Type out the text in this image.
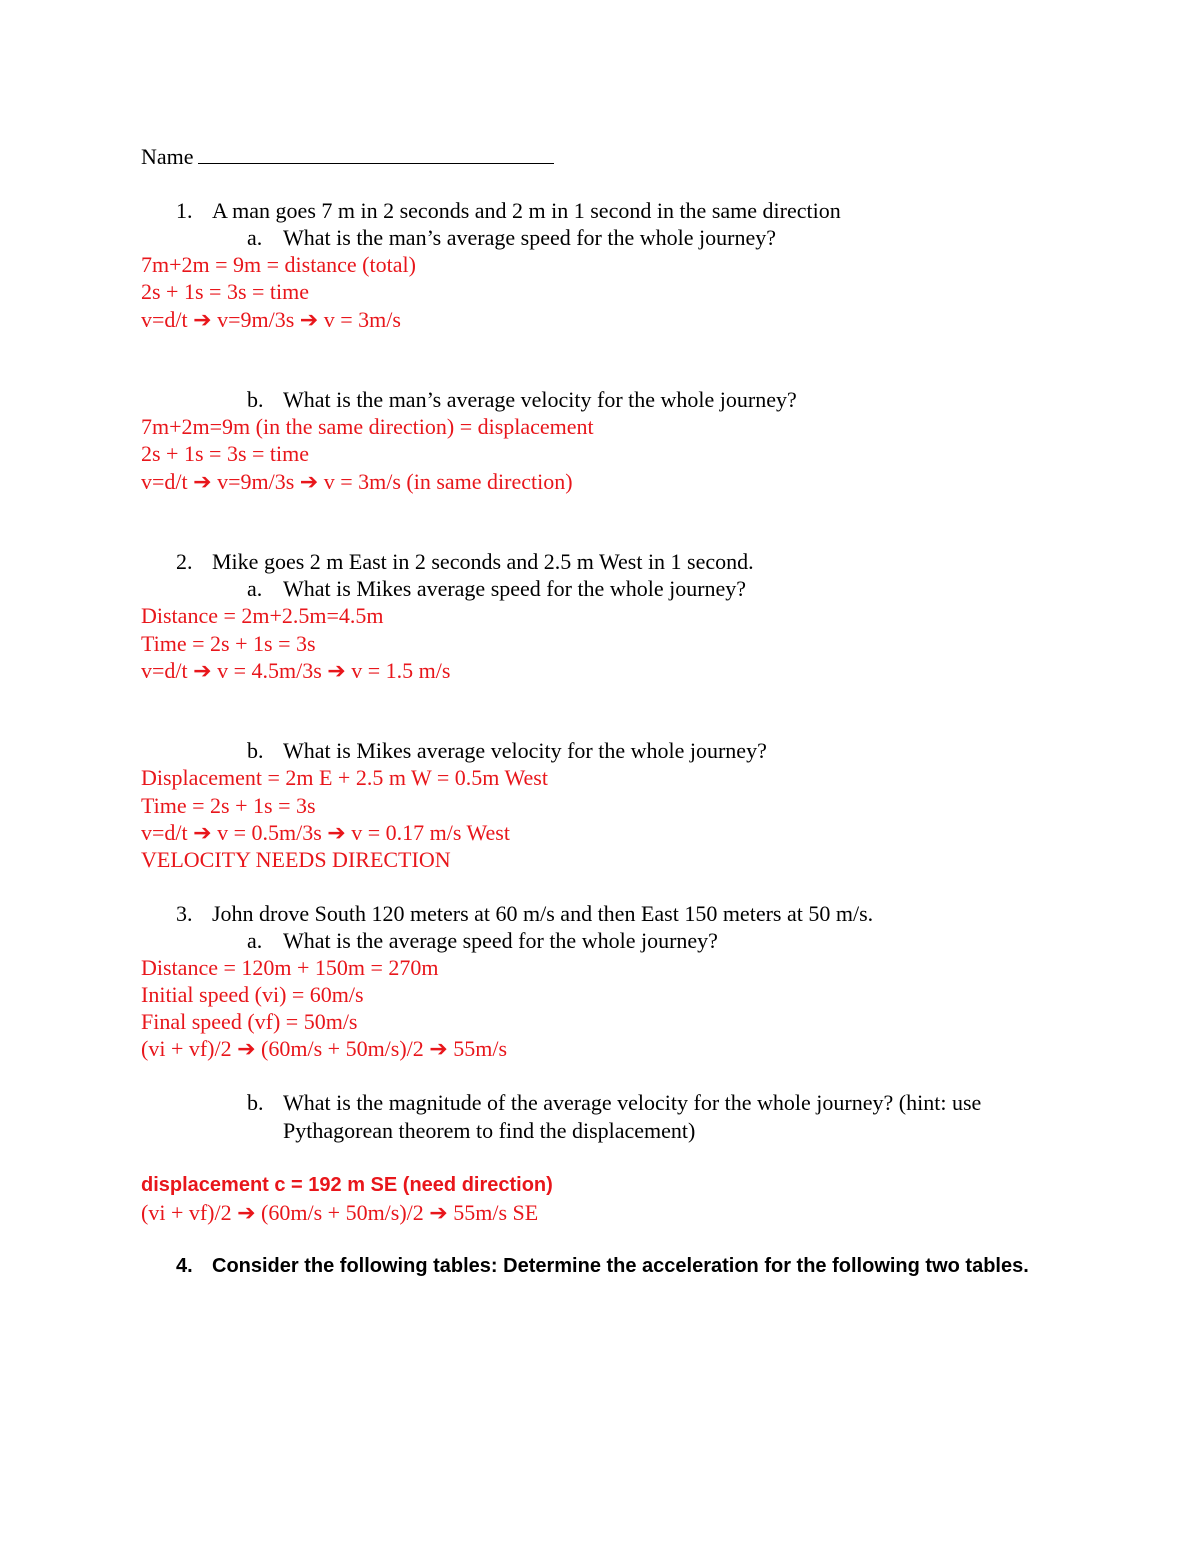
Name
1. A man goes 7 m in 2 seconds and 2 m in 1 second in the same direction
a. What is the man’s average speed for the whole journey?
7m+2m = 9m = distance (total)
2s + 1s = 3s = time
v=d/t ➔ v=9m/3s ➔ v = 3m/s
b. What is the man’s average velocity for the whole journey?
7m+2m=9m (in the same direction) = displacement
2s + 1s = 3s = time
v=d/t ➔ v=9m/3s ➔ v = 3m/s (in same direction)
2. Mike goes 2 m East in 2 seconds and 2.5 m West in 1 second.
a. What is Mikes average speed for the whole journey?
Distance = 2m+2.5m=4.5m
Time = 2s + 1s = 3s
v=d/t ➔ v = 4.5m/3s ➔ v = 1.5 m/s
b. What is Mikes average velocity for the whole journey?
Displacement = 2m E + 2.5 m W = 0.5m West
Time = 2s + 1s = 3s
v=d/t ➔ v = 0.5m/3s ➔ v = 0.17 m/s West
VELOCITY NEEDS DIRECTION
3. John drove South 120 meters at 60 m/s and then East 150 meters at 50 m/s.
a. What is the average speed for the whole journey?
Distance = 120m + 150m = 270m
Initial speed (vi) = 60m/s
Final speed (vf) = 50m/s
(vi + vf)/2 ➔ (60m/s + 50m/s)/2 ➔ 55m/s
b. What is the magnitude of the average velocity for the whole journey? (hint: use
Pythagorean theorem to find the displacement)
displacement c = 192 m SE (need direction)
(vi + vf)/2 ➔ (60m/s + 50m/s)/2 ➔ 55m/s SE
4. Consider the following tables: Determine the acceleration for the following two tables.
